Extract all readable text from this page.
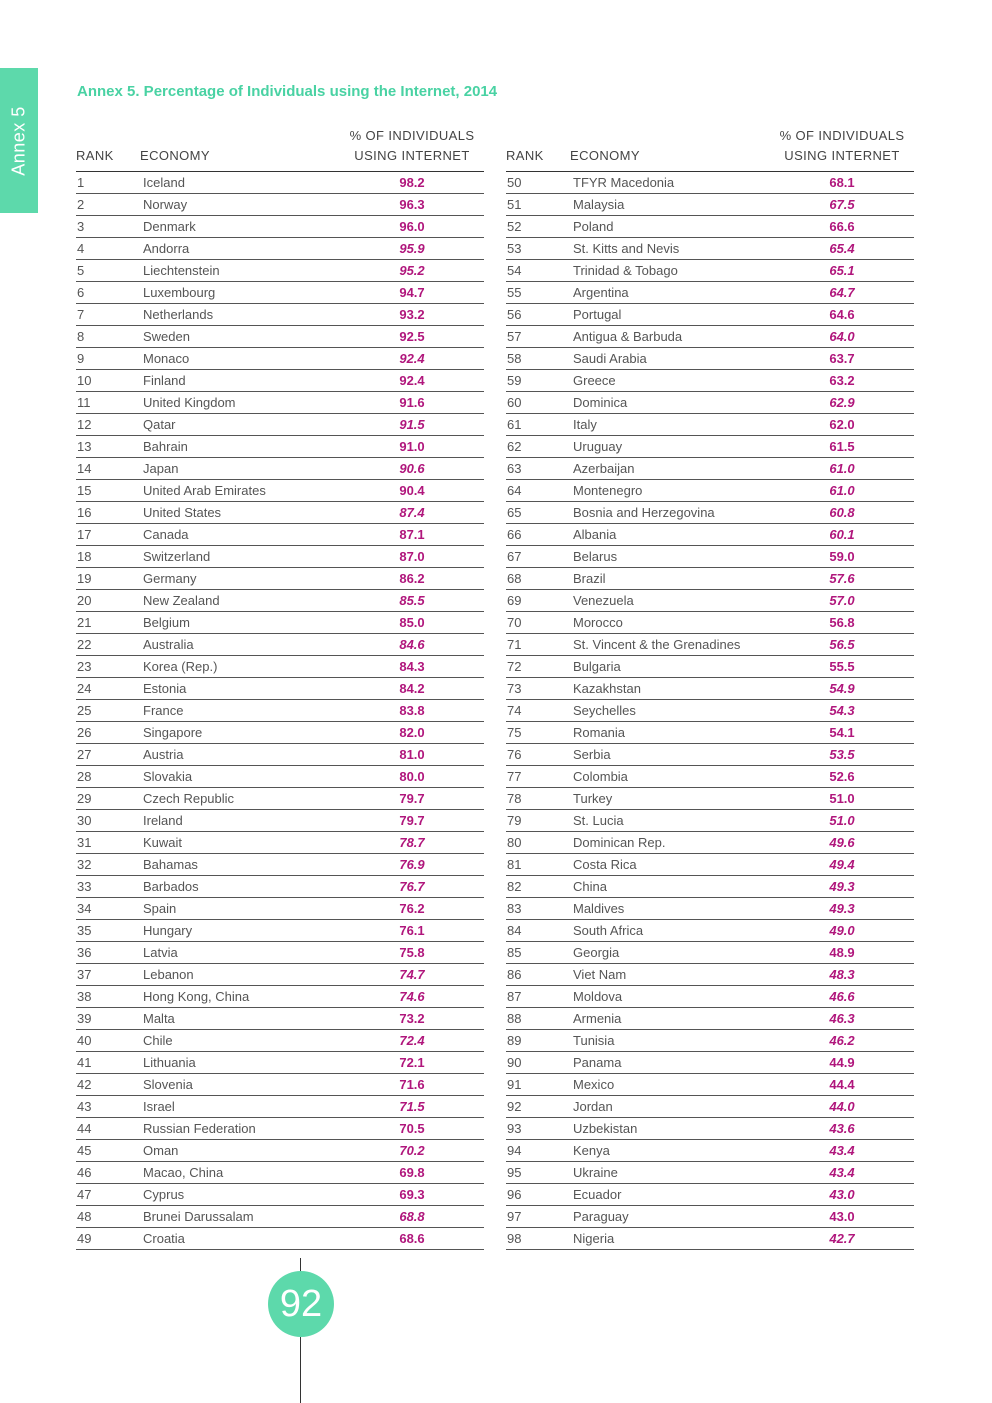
Annex 5
Annex 5. Percentage of Individuals using the Internet, 2014
RANK	ECONOMY	% OF INDIVIDUALS
USING INTERNET

1	Iceland	98.2
2	Norway	96.3
3	Denmark	96.0
4	Andorra	95.9
5	Liechtenstein	95.2
6	Luxembourg	94.7
7	Netherlands	93.2
8	Sweden	92.5
9	Monaco	92.4
10	Finland	92.4
11	United Kingdom	91.6
12	Qatar	91.5
13	Bahrain	91.0
14	Japan	90.6
15	United Arab Emirates	90.4
16	United States	87.4
17	Canada	87.1
18	Switzerland	87.0
19	Germany	86.2
20	New Zealand	85.5
21	Belgium	85.0
22	Australia	84.6
23	Korea (Rep.)	84.3
24	Estonia	84.2
25	France	83.8
26	Singapore	82.0
27	Austria	81.0
28	Slovakia	80.0
29	Czech Republic	79.7
30	Ireland	79.7
31	Kuwait	78.7
32	Bahamas	76.9
33	Barbados	76.7
34	Spain	76.2
35	Hungary	76.1
36	Latvia	75.8
37	Lebanon	74.7
38	Hong Kong, China	74.6
39	Malta	73.2
40	Chile	72.4
41	Lithuania	72.1
42	Slovenia	71.6
43	Israel	71.5
44	Russian Federation	70.5
45	Oman	70.2
46	Macao, China	69.8
47	Cyprus	69.3
48	Brunei Darussalam	68.8
49	Croatia	68.6
RANK	ECONOMY	% OF INDIVIDUALS
USING INTERNET

50	TFYR Macedonia	68.1
51	Malaysia	67.5
52	Poland	66.6
53	St. Kitts and Nevis	65.4
54	Trinidad & Tobago	65.1
55	Argentina	64.7
56	Portugal	64.6
57	Antigua & Barbuda	64.0
58	Saudi Arabia	63.7
59	Greece	63.2
60	Dominica	62.9
61	Italy	62.0
62	Uruguay	61.5
63	Azerbaijan	61.0
64	Montenegro	61.0
65	Bosnia and Herzegovina	60.8
66	Albania	60.1
67	Belarus	59.0
68	Brazil	57.6
69	Venezuela	57.0
70	Morocco	56.8
71	St. Vincent & the Grenadines	56.5
72	Bulgaria	55.5
73	Kazakhstan	54.9
74	Seychelles	54.3
75	Romania	54.1
76	Serbia	53.5
77	Colombia	52.6
78	Turkey	51.0
79	St. Lucia	51.0
80	Dominican Rep.	49.6
81	Costa Rica	49.4
82	China	49.3
83	Maldives	49.3
84	South Africa	49.0
85	Georgia	48.9
86	Viet Nam	48.3
87	Moldova	46.6
88	Armenia	46.3
89	Tunisia	46.2
90	Panama	44.9
91	Mexico	44.4
92	Jordan	44.0
93	Uzbekistan	43.6
94	Kenya	43.4
95	Ukraine	43.4
96	Ecuador	43.0
97	Paraguay	43.0
98	Nigeria	42.7
92
